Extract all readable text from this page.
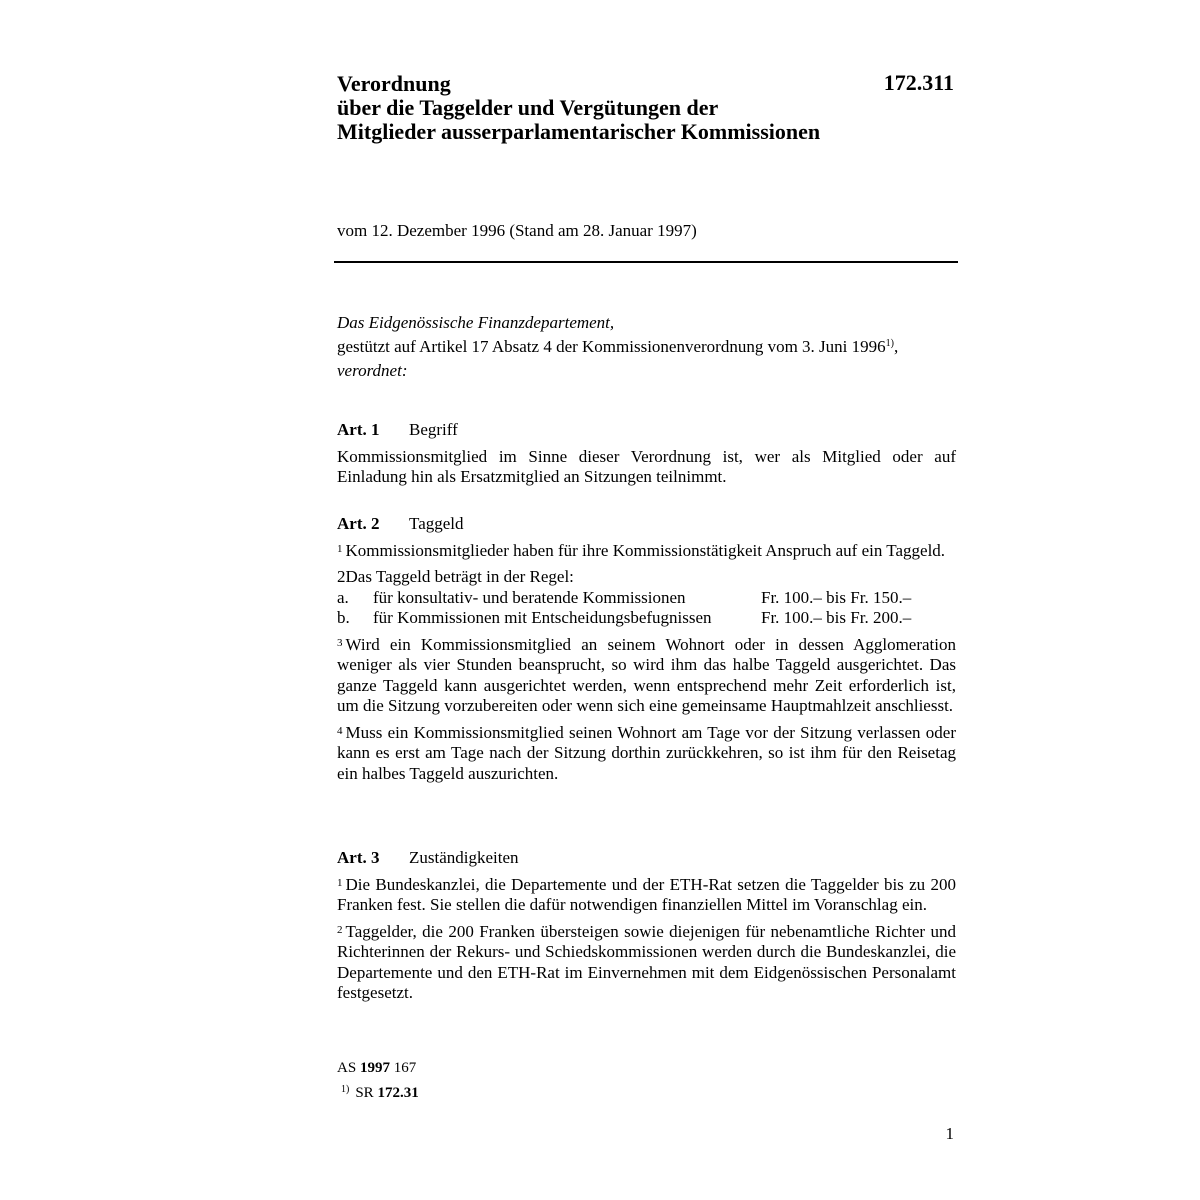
Verordnung
über die Taggelder und Vergütungen der
Mitglieder ausserparlamentarischer Kommissionen
172.311
vom 12. Dezember 1996 (Stand am 28. Januar 1997)
Das Eidgenössische Finanzdepartement,
gestützt auf Artikel 17 Absatz 4 der Kommissionenverordnung vom 3. Juni 1996$^{1)}$,
verordnet:
Art. 1 Begriff
Kommissionsmitglied im Sinne dieser Verordnung ist, wer als Mitglied oder auf Einladung hin als Ersatzmitglied an Sitzungen teilnimmt.
Art. 2 Taggeld
$^1$ Kommissionsmitglieder haben für ihre Kommissionstätigkeit Anspruch auf ein Taggeld.
2Das Taggeld beträgt in der Regel:
a.	für konsultativ- und beratende Kommissionen	Fr. 100.– bis Fr. 150.–
b.	für Kommissionen mit Entscheidungsbefugnissen	Fr. 100.– bis Fr. 200.–
$^3$ Wird ein Kommissionsmitglied an seinem Wohnort oder in dessen Agglomeration weniger als vier Stunden beansprucht, so wird ihm das halbe Taggeld ausgerichtet. Das ganze Taggeld kann ausgerichtet werden, wenn entsprechend mehr Zeit erforderlich ist, um die Sitzung vorzubereiten oder wenn sich eine gemeinsame Hauptmahlzeit anschliesst.
$^4$ Muss ein Kommissionsmitglied seinen Wohnort am Tage vor der Sitzung verlassen oder kann es erst am Tage nach der Sitzung dorthin zurückkehren, so ist ihm für den Reisetag ein halbes Taggeld auszurichten.
Art. 3 Zuständigkeiten
$^1$ Die Bundeskanzlei, die Departemente und der ETH-Rat setzen die Taggelder bis zu 200 Franken fest. Sie stellen die dafür notwendigen finanziellen Mittel im Voranschlag ein.
$^2$ Taggelder, die 200 Franken übersteigen sowie diejenigen für nebenamtliche Richter und Richterinnen der Rekurs- und Schiedskommissionen werden durch die Bundeskanzlei, die Departemente und den ETH-Rat im Einvernehmen mit dem Eidgenössischen Personalamt festgesetzt.
AS 1997 167
$^{1)}$ SR 172.31
1
